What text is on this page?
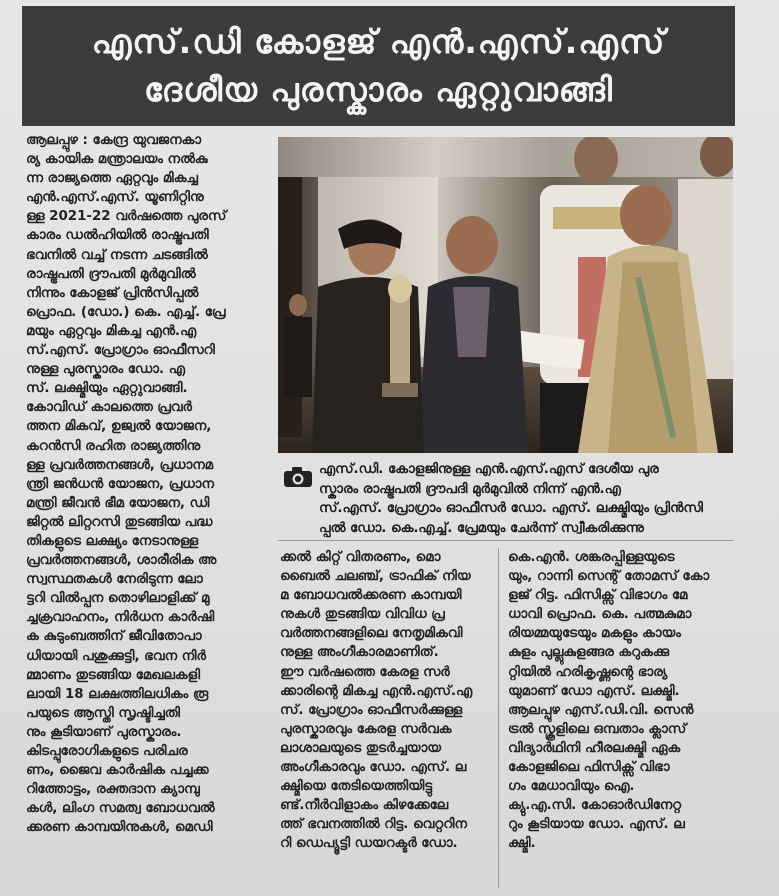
എസ്.ഡി കോളജ് എൻ.എസ്.എസ്
ദേശീയ പുരസ്കാരം ഏറ്റുവാങ്ങി
ആലപ്പുഴ : കേന്ദ്ര യുവജനകാ
ര്യ കായിക മന്ത്രാലയം നൽകു
ന്ന രാജ്യത്തെ ഏറ്റവും മികച്ച
എൻ.എസ്.എസ്. യൂണിറ്റിനു
ള്ള 2021-22 വർഷത്തെ പുരസ്
കാരം ഡൽഹിയിൽ രാഷ്ട്രപതി
ഭവനിൽ വച്ച് നടന്ന ചടങ്ങിൽ
രാഷ്ട്രപതി ദ്രൗപതി മുർമുവിൽ
നിന്നും കോളജ് പ്രിൻസിപ്പൽ
പ്രൊഫ. (ഡോ.) കെ. എച്ച്. പ്രേ
മയും ഏറ്റവും മികച്ച എൻ.എ
സ്.എസ്. പ്രോഗ്രാം ഓഫീസറി
നുള്ള പുരസ്കാരം ഡോ. എ
സ്. ലക്ഷ്മിയും ഏറ്റുവാങ്ങി.
കോവിഡ് കാലത്തെ പ്രവർ
ത്തന മികവ്, ഉജ്വൽ യോജന,
കറൻസി രഹിത രാജ്യത്തിനു
ള്ള പ്രവർത്തനങ്ങൾ, പ്രധാനമ
ന്ത്രി ജൻധൻ യോജന, പ്രധാന
മന്ത്രി ജീവൻ ഭീമ യോജന, ഡി
ജിറ്റൽ ലിറ്ററസി തുടങ്ങിയ പദ്ധ
തികളുടെ ലക്ഷ്യം നേടാനുള്ള
പ്രവർത്തനങ്ങൾ, ശാരീരിക അ
സ്വസ്ഥതകൾ നേരിടുന്ന ലോ
ട്ടറി വിൽപ്പന തൊഴിലാളിക്ക് മു
ച്ചക്രവാഹനം, നിർധന കാർഷി
ക കുടുംബത്തിന് ജീവിതോപാ
ധിയായി പശുക്കുട്ടി, ഭവന നിർ
മ്മാണം തുടങ്ങിയ മേഖലകളി
ലായി 18 ലക്ഷത്തിലധികം രൂ
പയുടെ ആസ്തി സൃഷ്ടിച്ചതി
നും കൂടിയാണ് പുരസ്കാരം.
കിടപ്പുരോഗികളുടെ പരിചര
ണം, ജൈവ കാർഷിക പച്ചക്ക
റിത്തോട്ടം, രക്തദാന ക്യാമ്പു
കൾ, ലിംഗ സമത്വ ബോധവൽ
ക്കരണ കാമ്പയിനുകൾ, മെഡി
എസ്.ഡി. കോളജിനുള്ള എൻ.എസ്.എസ് ദേശീയ പുര
സ്കാരം രാഷ്ട്രപതി ദ്രൗപദി മുർമുവിൽ നിന്ന് എൻ.എ
സ്.എസ്. പ്രോഗ്രാം ഓഫീസർ ഡോ. എസ്. ലക്ഷ്മിയും പ്രിൻസി
പ്പൽ ഡോ. കെ.എച്ച്. പ്രേമയും ചേർന്ന് സ്വീകരിക്കുന്നു
ക്കൽ കിറ്റ് വിതരണം, മൊ
ബൈൽ ചലഞ്ച്, ട്രാഫിക് നിയ
മ ബോധവൽക്കരണ കാമ്പയി
നുകൾ തുടങ്ങിയ വിവിധ പ്ര
വർത്തനങ്ങളിലെ നേതൃമികവി
നുള്ള അംഗീകാരമാണിത്.
ഈ വർഷത്തെ കേരള സർ
ക്കാരിന്റെ മികച്ച എൻ.എസ്.എ
സ്. പ്രോഗ്രാം ഓഫീസർക്കുള്ള
പുരസ്കാരവും കേരള സർവക
ലാശാലയുടെ തുടർച്ചയായ
അംഗീകാരവും ഡോ. എസ്. ല
ക്ഷ്മിയെ തേടിയെത്തിയിട്ടു
ണ്ട്.നീർവിളാകം കിഴക്കേലേ
ത്ത് ഭവനത്തിൽ റിട്ട. വെറ്ററിന
റി ഡെപ്യൂട്ടി ഡയറക്ടർ ഡോ.
കെ.എൻ. ശങ്കരപ്പിള്ളയുടെ
യും, റാന്നി സെന്റ് തോമസ് കോ
ളജ് റിട്ട. ഫിസിക്സ് വിഭാഗം മേ
ധാവി പ്രൊഫ. കെ. പത്മകുമാ
രിയമ്മയുടേയും മകളും കായം
കുളം പുല്ലുകുളങ്ങര കറുകക്കു
റ്റിയിൽ ഹരികൃഷ്ണന്റെ ഭാര്യ
യുമാണ് ഡോ എസ്. ലക്ഷ്മി.
ആലപ്പുഴ എസ്.ഡി.വി. സെൻ
ട്രൽ സ്കൂളിലെ ഒമ്പതാം ക്ലാസ്
വിദ്യാർഥിനി ഹീരലക്ഷ്മി ഏക
കോളജിലെ ഫിസിക്സ് വിഭാ
ഗം മേധാവിയും ഐ.
ക്യു.എ.സി. കോഓർഡിനേറ്റ
റും കൂടിയായ ഡോ. എസ്. ല
ക്ഷ്മി.
